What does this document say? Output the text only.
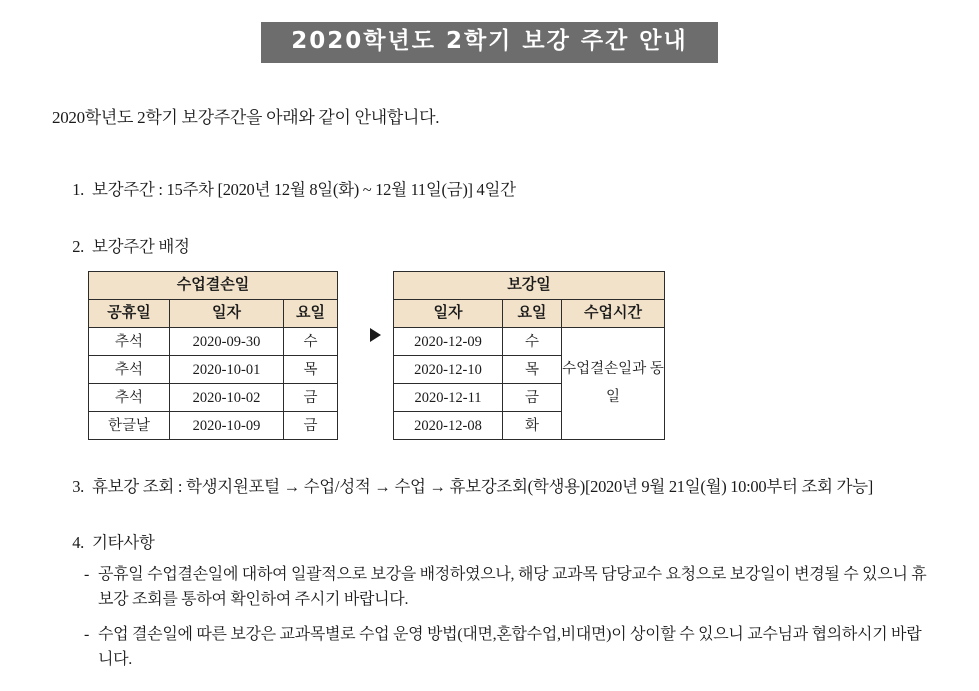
2020학년도 2학기 보강 주간 안내
2020학년도 2학기 보강주간을 아래와 같이 안내합니다.
1. 보강주간 : 15주차 [2020년 12월 8일(화) ~ 12월 11일(금)] 4일간
2. 보강주간 배정
수업결손일		
공휴일	일자	요일
추석	2020-09-30	수
추석	2020-10-01	목
추석	2020-10-02	금
한글날	2020-10-09	금
보강일		
일자	요일	수업시간
2020-12-09	수	수업결손일과 동일
2020-12-10	목	
2020-12-11	금	
2020-12-08	화	
3. 휴보강 조회 : 학생지원포털 → 수업/성적 → 수업 → 휴보강조회(학생용)[2020년 9월 21일(월) 10:00부터 조회 가능]
4. 기타사항
- 공휴일 수업결손일에 대하여 일괄적으로 보강을 배정하였으나, 해당 교과목 담당교수 요청으로 보강일이 변경될 수 있으니 휴보강 조회를 통하여 확인하여 주시기 바랍니다.
- 수업 결손일에 따른 보강은 교과목별로 수업 운영 방법(대면,혼합수업,비대면)이 상이할 수 있으니 교수님과 협의하시기 바랍니다.
